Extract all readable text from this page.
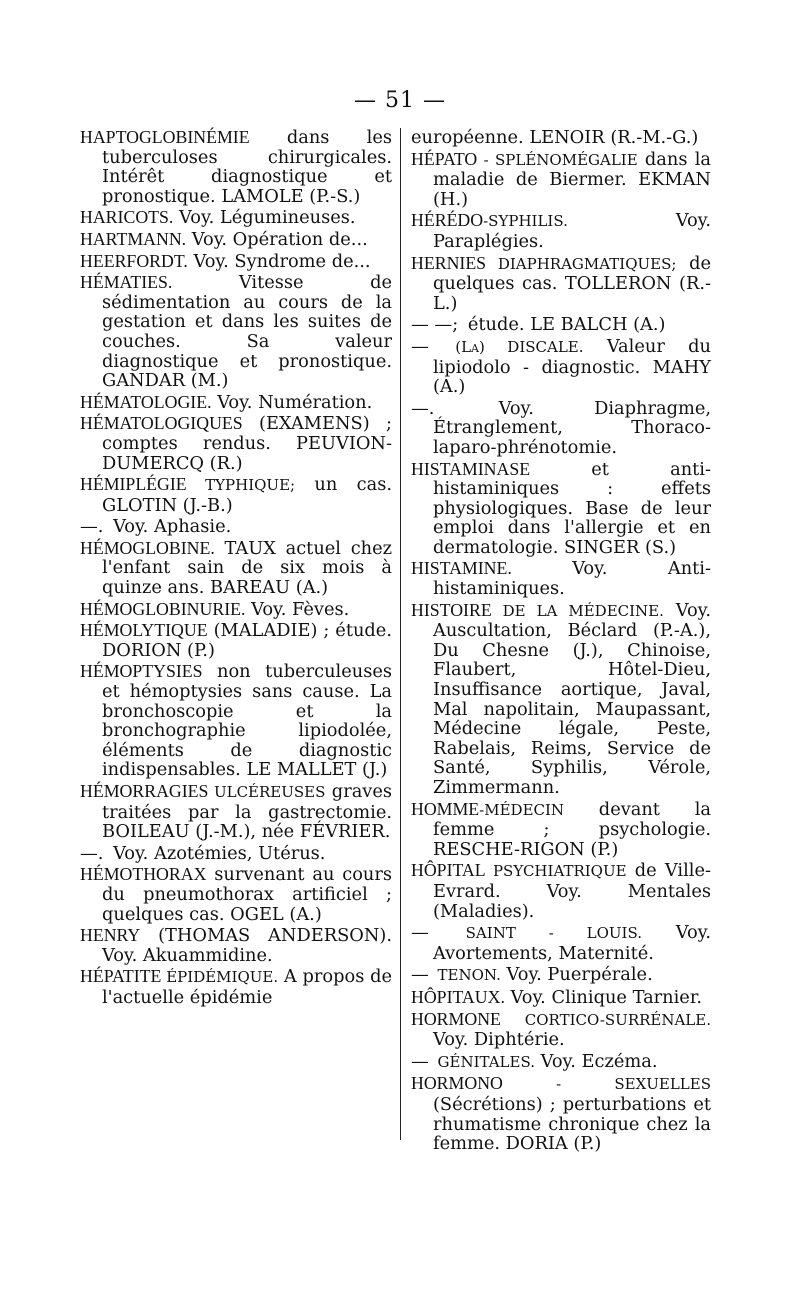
— 51 —

HAPTOGLOBINÉMIE dans les tuberculoses chirurgicales. Intérêt diagnostique et pronostique. LAMOLE (P.-S.)

HARICOTS. Voy. Légumineuses.

HARTMANN. Voy. Opération de...

HEERFORDT. Voy. Syndrome de...

HÉMATIES. Vitesse de sédimentation au cours de la gestation et dans les suites de couches. Sa valeur diagnostique et pronostique. GANDAR (M.)

HÉMATOLOGIE. Voy. Numération.

HÉMATOLOGIQUES (EXAMENS) ; comptes rendus. PEUVION-DUMERCQ (R.)

HÉMIPLÉGIE TYPHIQUE; un cas. GLOTIN (J.-B.)

—. Voy. Aphasie.

HÉMOGLOBINE. TAUX actuel chez l'enfant sain de six mois à quinze ans. BAREAU (A.)

HÉMOGLOBINURIE. Voy. Fèves.

HÉMOLYTIQUE (MALADIE) ; étude. DORION (P.)

HÉMOPTYSIES non tuberculeuses et hémoptysies sans cause. La bronchoscopie et la bronchographie lipiodolée, éléments de diagnostic indispensables. LE MALLET (J.)

HÉMORRAGIES ULCÉREUSES graves traitées par la gastrectomie. BOILEAU (J.-M.), née FÉVRIER.

—. Voy. Azotémies, Utérus.

HÉMOTHORAX survenant au cours du pneumothorax artificiel ; quelques cas. OGEL (A.)

HENRY (THOMAS ANDERSON). Voy. Akuammidine.

HÉPATITE ÉPIDÉMIQUE. A propos de l'actuelle épidémie

européenne. LENOIR (R.-M.-G.)

HÉPATO - SPLÉNOMÉGALIE dans la maladie de Biermer. EKMAN (H.)

HÉRÉDO-SYPHILIS. Voy. Paraplégies.

HERNIES DIAPHRAGMATIQUES; de quelques cas. TOLLERON (R.-L.)

— —; étude. LE BALCH (A.)

— (La) DISCALE. Valeur du lipiodolo - diagnostic. MAHY (A.)

—. Voy. Diaphragme, Étranglement, Thoraco-laparo-phrénotomie.

HISTAMINASE et anti-histaminiques : effets physiologiques. Base de leur emploi dans l'allergie et en dermatologie. SINGER (S.)

HISTAMINE. Voy. Anti-histaminiques.

HISTOIRE DE LA MÉDECINE. Voy. Auscultation, Béclard (P.-A.), Du Chesne (J.), Chinoise, Flaubert, Hôtel-Dieu, Insuffisance aortique, Javal, Mal napolitain, Maupassant, Médecine légale, Peste, Rabelais, Reims, Service de Santé, Syphilis, Vérole, Zimmermann.

HOMME-MÉDECIN devant la femme ; psychologie. RESCHE-RIGON (P.)

HÔPITAL PSYCHIATRIQUE de Ville-Evrard. Voy. Mentales (Maladies).

— SAINT - LOUIS. Voy. Avortements, Maternité.

— TENON. Voy. Puerpérale.

HÔPITAUX. Voy. Clinique Tarnier.

HORMONE CORTICO-SURRÉNALE. Voy. Diphtérie.

— GÉNITALES. Voy. Eczéma.

HORMONO - SEXUELLES (Sécrétions) ; perturbations et rhumatisme chronique chez la femme. DORIA (P.)
